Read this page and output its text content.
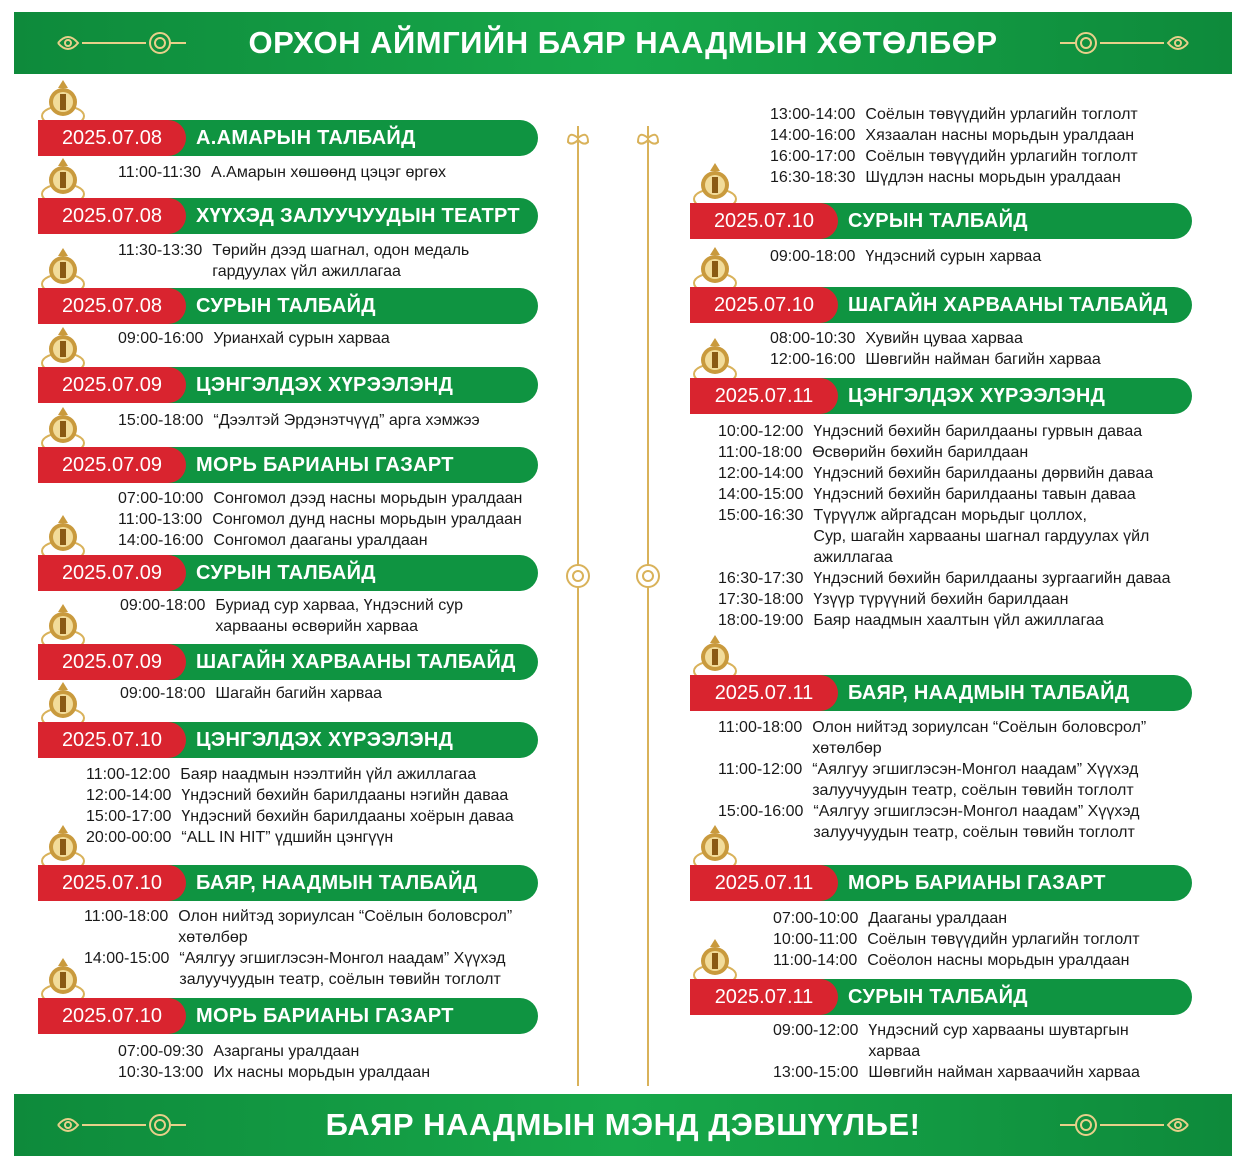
ОРХОН АЙМГИЙН БАЯР НААДМЫН ХӨТӨЛБӨР
2025.07.08	А.АМАРЫН ТАЛБАЙД
11:00-11:30 А.Амарын хөшөөнд цэцэг өргөх
2025.07.08	ХҮҮХЭД ЗАЛУУЧУУДЫН ТЕАТРТ
11:30-13:30 Төрийн дээд шагнал, одон медаль
гардуулах үйл ажиллагаа
2025.07.08	СУРЫН ТАЛБАЙД
09:00-16:00 Урианхай сурын харваа
2025.07.09	ЦЭНГЭЛДЭХ ХҮРЭЭЛЭНД
15:00-18:00 “Дээлтэй Эрдэнэтчүүд” арга хэмжээ
2025.07.09	МОРЬ БАРИАНЫ ГАЗАРТ
07:00-10:00 Сонгомол дээд насны морьдын уралдаан
11:00-13:00 Сонгомол дунд насны морьдын уралдаан
14:00-16:00 Сонгомол дааганы уралдаан
2025.07.09	СУРЫН ТАЛБАЙД
09:00-18:00 Буриад сур харваа, Үндэсний сур
харвааны өсвөрийн харваа
2025.07.09	ШАГАЙН ХАРВААНЫ ТАЛБАЙД
09:00-18:00 Шагайн багийн харваа
2025.07.10	ЦЭНГЭЛДЭХ ХҮРЭЭЛЭНД
11:00-12:00 Баяр наадмын нээлтийн үйл ажиллагаа
12:00-14:00 Үндэсний бөхийн барилдааны нэгийн даваа
15:00-17:00 Үндэсний бөхийн барилдааны хоёрын даваа
20:00-00:00 “ALL IN HIT” үдшийн цэнгүүн
2025.07.10	БАЯР, НААДМЫН ТАЛБАЙД
11:00-18:00 Олон нийтэд зориулсан “Соёлын боловсрол”
хөтөлбөр
14:00-15:00 “Аялгуу эгшиглэсэн-Монгол наадам” Хүүхэд
залуучуудын театр, соёлын төвийн тоглолт
2025.07.10	МОРЬ БАРИАНЫ ГАЗАРТ
07:00-09:30 Азарганы уралдаан
10:30-13:00 Их насны морьдын уралдаан
13:00-14:00 Соёлын төвүүдийн урлагийн тоглолт
14:00-16:00 Хязаалан насны морьдын уралдаан
16:00-17:00 Соёлын төвүүдийн урлагийн тоглолт
16:30-18:30 Шүдлэн насны морьдын уралдаан
2025.07.10	СУРЫН ТАЛБАЙД
09:00-18:00 Үндэсний сурын харваа
2025.07.10	ШАГАЙН ХАРВААНЫ ТАЛБАЙД
08:00-10:30 Хувийн цуваа харваа
12:00-16:00 Шөвгийн найман багийн харваа
2025.07.11	ЦЭНГЭЛДЭХ ХҮРЭЭЛЭНД
10:00-12:00 Үндэсний бөхийн барилдааны гурвын даваа
11:00-18:00 Өсвөрийн бөхийн барилдаан
12:00-14:00 Үндэсний бөхийн барилдааны дөрвийн даваа
14:00-15:00 Үндэсний бөхийн барилдааны тавын даваа
15:00-16:30 Түрүүлж айргадсан морьдыг цоллох,
Сур, шагайн харвааны шагнал гардуулах үйл
ажиллагаа
16:30-17:30 Үндэсний бөхийн барилдааны зургаагийн даваа
17:30-18:00 Үзүүр түрүүний бөхийн барилдаан
18:00-19:00 Баяр наадмын хаалтын үйл ажиллагаа
2025.07.11	БАЯР, НААДМЫН ТАЛБАЙД
11:00-18:00 Олон нийтэд зориулсан “Соёлын боловсрол”
хөтөлбөр
11:00-12:00 “Аялгуу эгшиглэсэн-Монгол наадам” Хүүхэд
залуучуудын театр, соёлын төвийн тоглолт
15:00-16:00 “Аялгуу эгшиглэсэн-Монгол наадам” Хүүхэд
залуучуудын театр, соёлын төвийн тоглолт
2025.07.11	МОРЬ БАРИАНЫ ГАЗАРТ
07:00-10:00 Дааганы уралдаан
10:00-11:00 Соёлын төвүүдийн урлагийн тоглолт
11:00-14:00 Соёолон насны морьдын уралдаан
2025.07.11	СУРЫН ТАЛБАЙД
09:00-12:00 Үндэсний сур харвааны шувтаргын
харваа
13:00-15:00 Шөвгийн найман харваачийн харваа
БАЯР НААДМЫН МЭНД ДЭВШҮҮЛЬЕ!
